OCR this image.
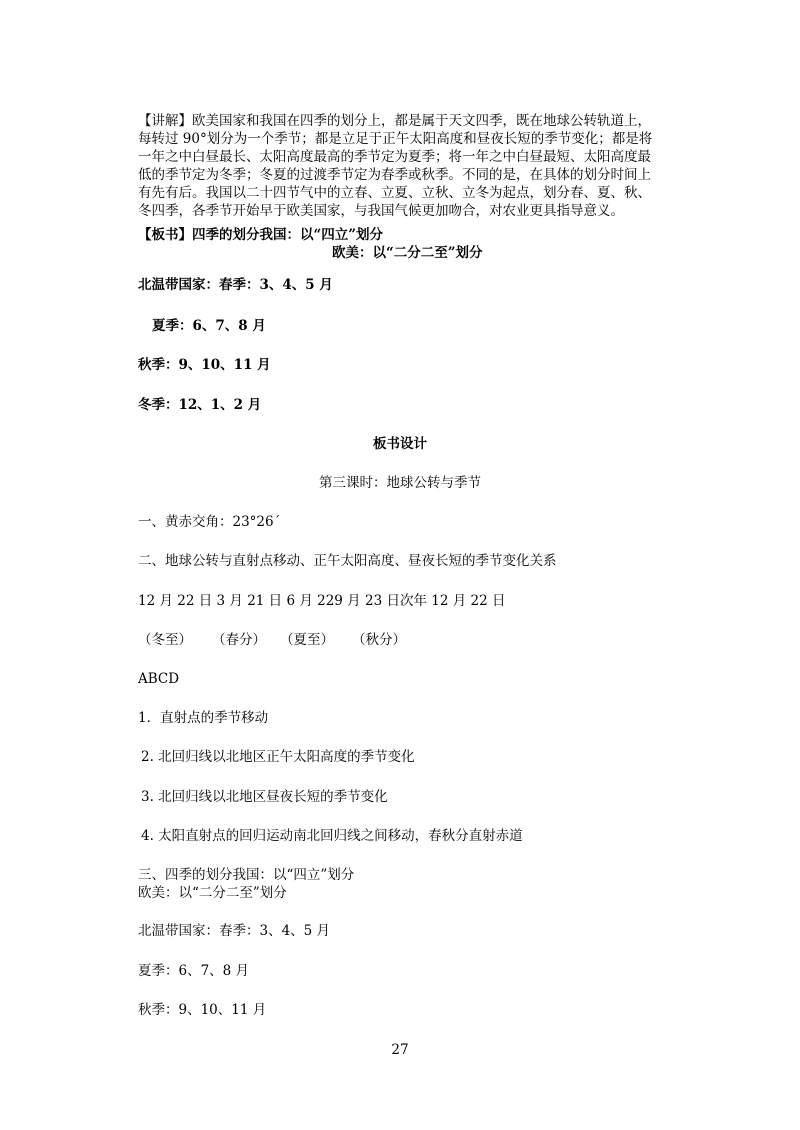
【讲解】欧美国家和我国在四季的划分上，都是属于天文四季，既在地球公转轨道上，
每转过 90°划分为一个季节；都是立足于正午太阳高度和昼夜长短的季节变化；都是将
一年之中白昼最长、太阳高度最高的季节定为夏季；将一年之中白昼最短、太阳高度最
低的季节定为冬季；冬夏的过渡季节定为春季或秋季。不同的是，在具体的划分时间上
有先有后。我国以二十四节气中的立春、立夏、立秋、立冬为起点，划分春、夏、秋、
冬四季，各季节开始早于欧美国家，与我国气候更加吻合，对农业更具指导意义。
【板书】四季的划分我国：以“四立”划分
欧美：以“二分二至”划分
北温带国家：春季：3、4、5 月
夏季：6、7、8 月
秋季：9、10、11 月
冬季：12、1、2 月
板书设计
第三课时：地球公转与季节
一、黄赤交角：23°26΄
二、地球公转与直射点移动、正午太阳高度、昼夜长短的季节变化关系
12 月 22 日 3 月 21 日 6 月 229 月 23 日次年 12 月 22 日
（冬至） （春分） （夏至） （秋分）
ABCD
1．直射点的季节移动
2. 北回归线以北地区正午太阳高度的季节变化
3. 北回归线以北地区昼夜长短的季节变化
4. 太阳直射点的回归运动南北回归线之间移动，春秋分直射赤道
三、四季的划分我国：以“四立”划分
欧美：以“二分二至”划分
北温带国家：春季：3、4、5 月
夏季：6、7、8 月
秋季：9、10、11 月
27
